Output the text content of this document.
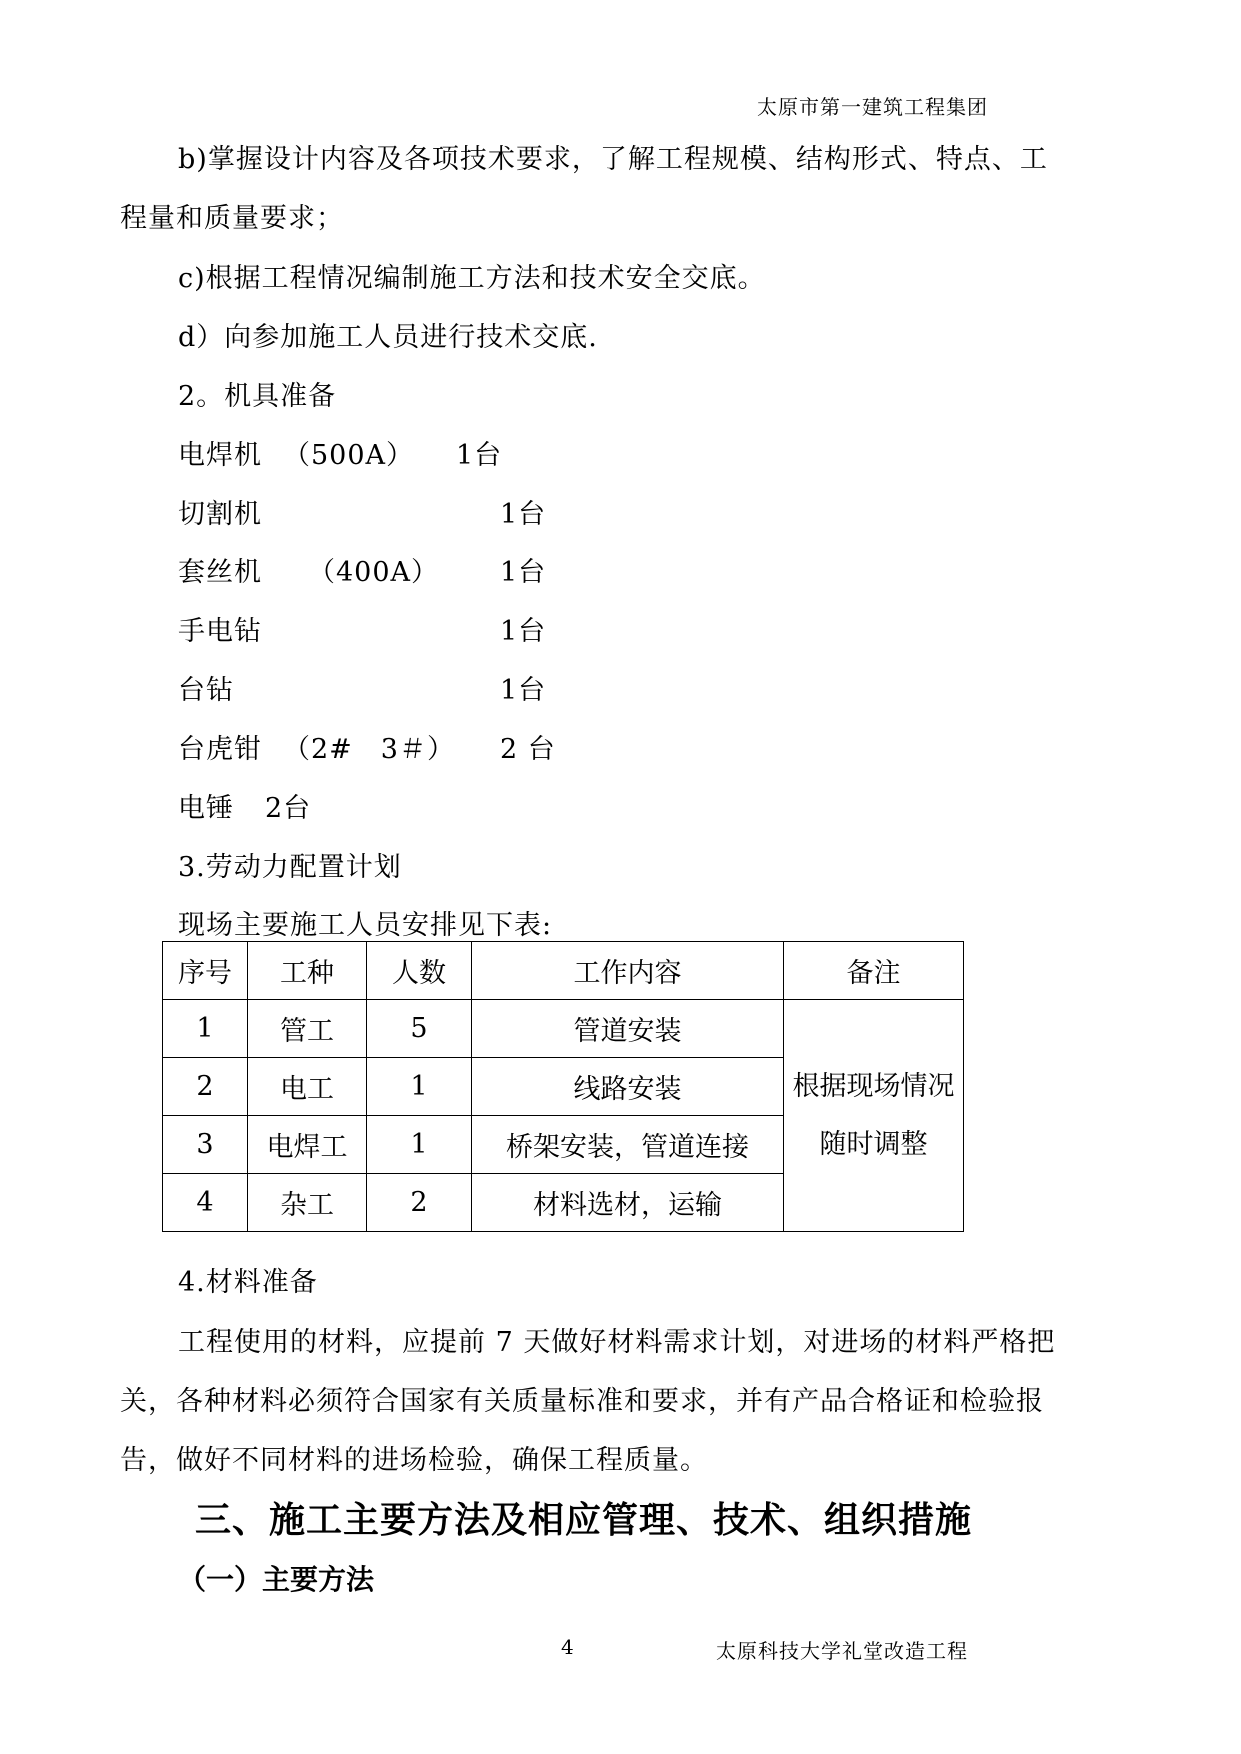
太原市第一建筑工程集团
b)掌握设计内容及各项技术要求，了解工程规模、结构形式、特点、工
程量和质量要求；
c)根据工程情况编制施工方法和技术安全交底。
d）向参加施工人员进行技术交底.
2。机具准备
电焊机 （500A） 1台
切割机	1台
套丝机 （400A） 1台
手电钻	1台
台钻	1台
台虎钳 （2#　3＃） 2 台
电锤 2台
3.劳动力配置计划
现场主要施工人员安排见下表:
序号	工种	人数	工作内容	备注
1	管工	5	管道安装	根据现场情况随时调整
2	电工	1	线路安装	
3	电焊工	1	桥架安装，管道连接	
4	杂工	2	材料选材，运输	
4.材料准备
工程使用的材料，应提前 7 天做好材料需求计划，对进场的材料严格把
关，各种材料必须符合国家有关质量标准和要求，并有产品合格证和检验报
告，做好不同材料的进场检验，确保工程质量。
三、施工主要方法及相应管理、技术、组织措施
（一）主要方法
4	太原科技大学礼堂改造工程
